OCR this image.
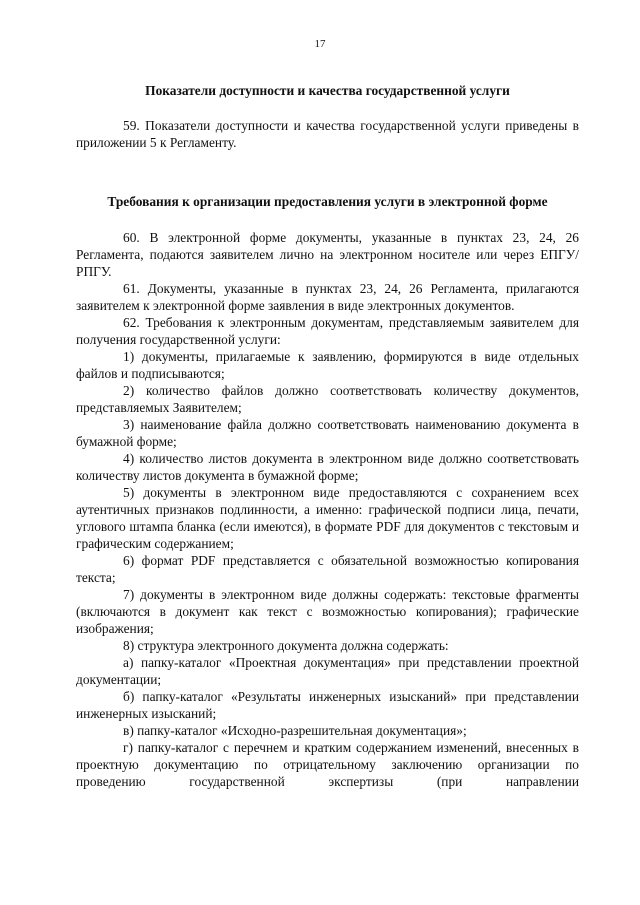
17
Показатели доступности и качества государственной услуги

59. Показатели доступности и качества государственной услуги приведены в приложении 5 к Регламенту.

Требования к организации предоставления услуги в электронной форме

60. В электронной форме документы, указанные в пунктах 23, 24, 26 Регламента, подаются заявителем лично на электронном носителе или через ЕПГУ/РПГУ.

61. Документы, указанные в пунктах 23, 24, 26 Регламента, прилагаются заявителем к электронной форме заявления в виде электронных документов.

62. Требования к электронным документам, представляемым заявителем для получения государственной услуги:

1) документы, прилагаемые к заявлению, формируются в виде отдельных файлов и подписываются;

2) количество файлов должно соответствовать количеству документов, представляемых Заявителем;

3) наименование файла должно соответствовать наименованию документа в бумажной форме;

4) количество листов документа в электронном виде должно соответствовать количеству листов документа в бумажной форме;

5) документы в электронном виде предоставляются с сохранением всех аутентичных признаков подлинности, а именно: графической подписи лица, печати, углового штампа бланка (если имеются), в формате PDF для документов с текстовым и графическим содержанием;

6) формат PDF представляется с обязательной возможностью копирования текста;

7) документы в электронном виде должны содержать: текстовые фрагменты (включаются в документ как текст с возможностью копирования); графические изображения;

8) структура электронного документа должна содержать:

а) папку-каталог «Проектная документация» при представлении проектной документации;

б) папку-каталог «Результаты инженерных изысканий» при представлении инженерных изысканий;

в) папку-каталог «Исходно-разрешительная документация»;

г) папку-каталог с перечнем и кратким содержанием изменений, внесенных в проектную документацию по отрицательному заключению организации по проведению государственной экспертизы (при направлении
